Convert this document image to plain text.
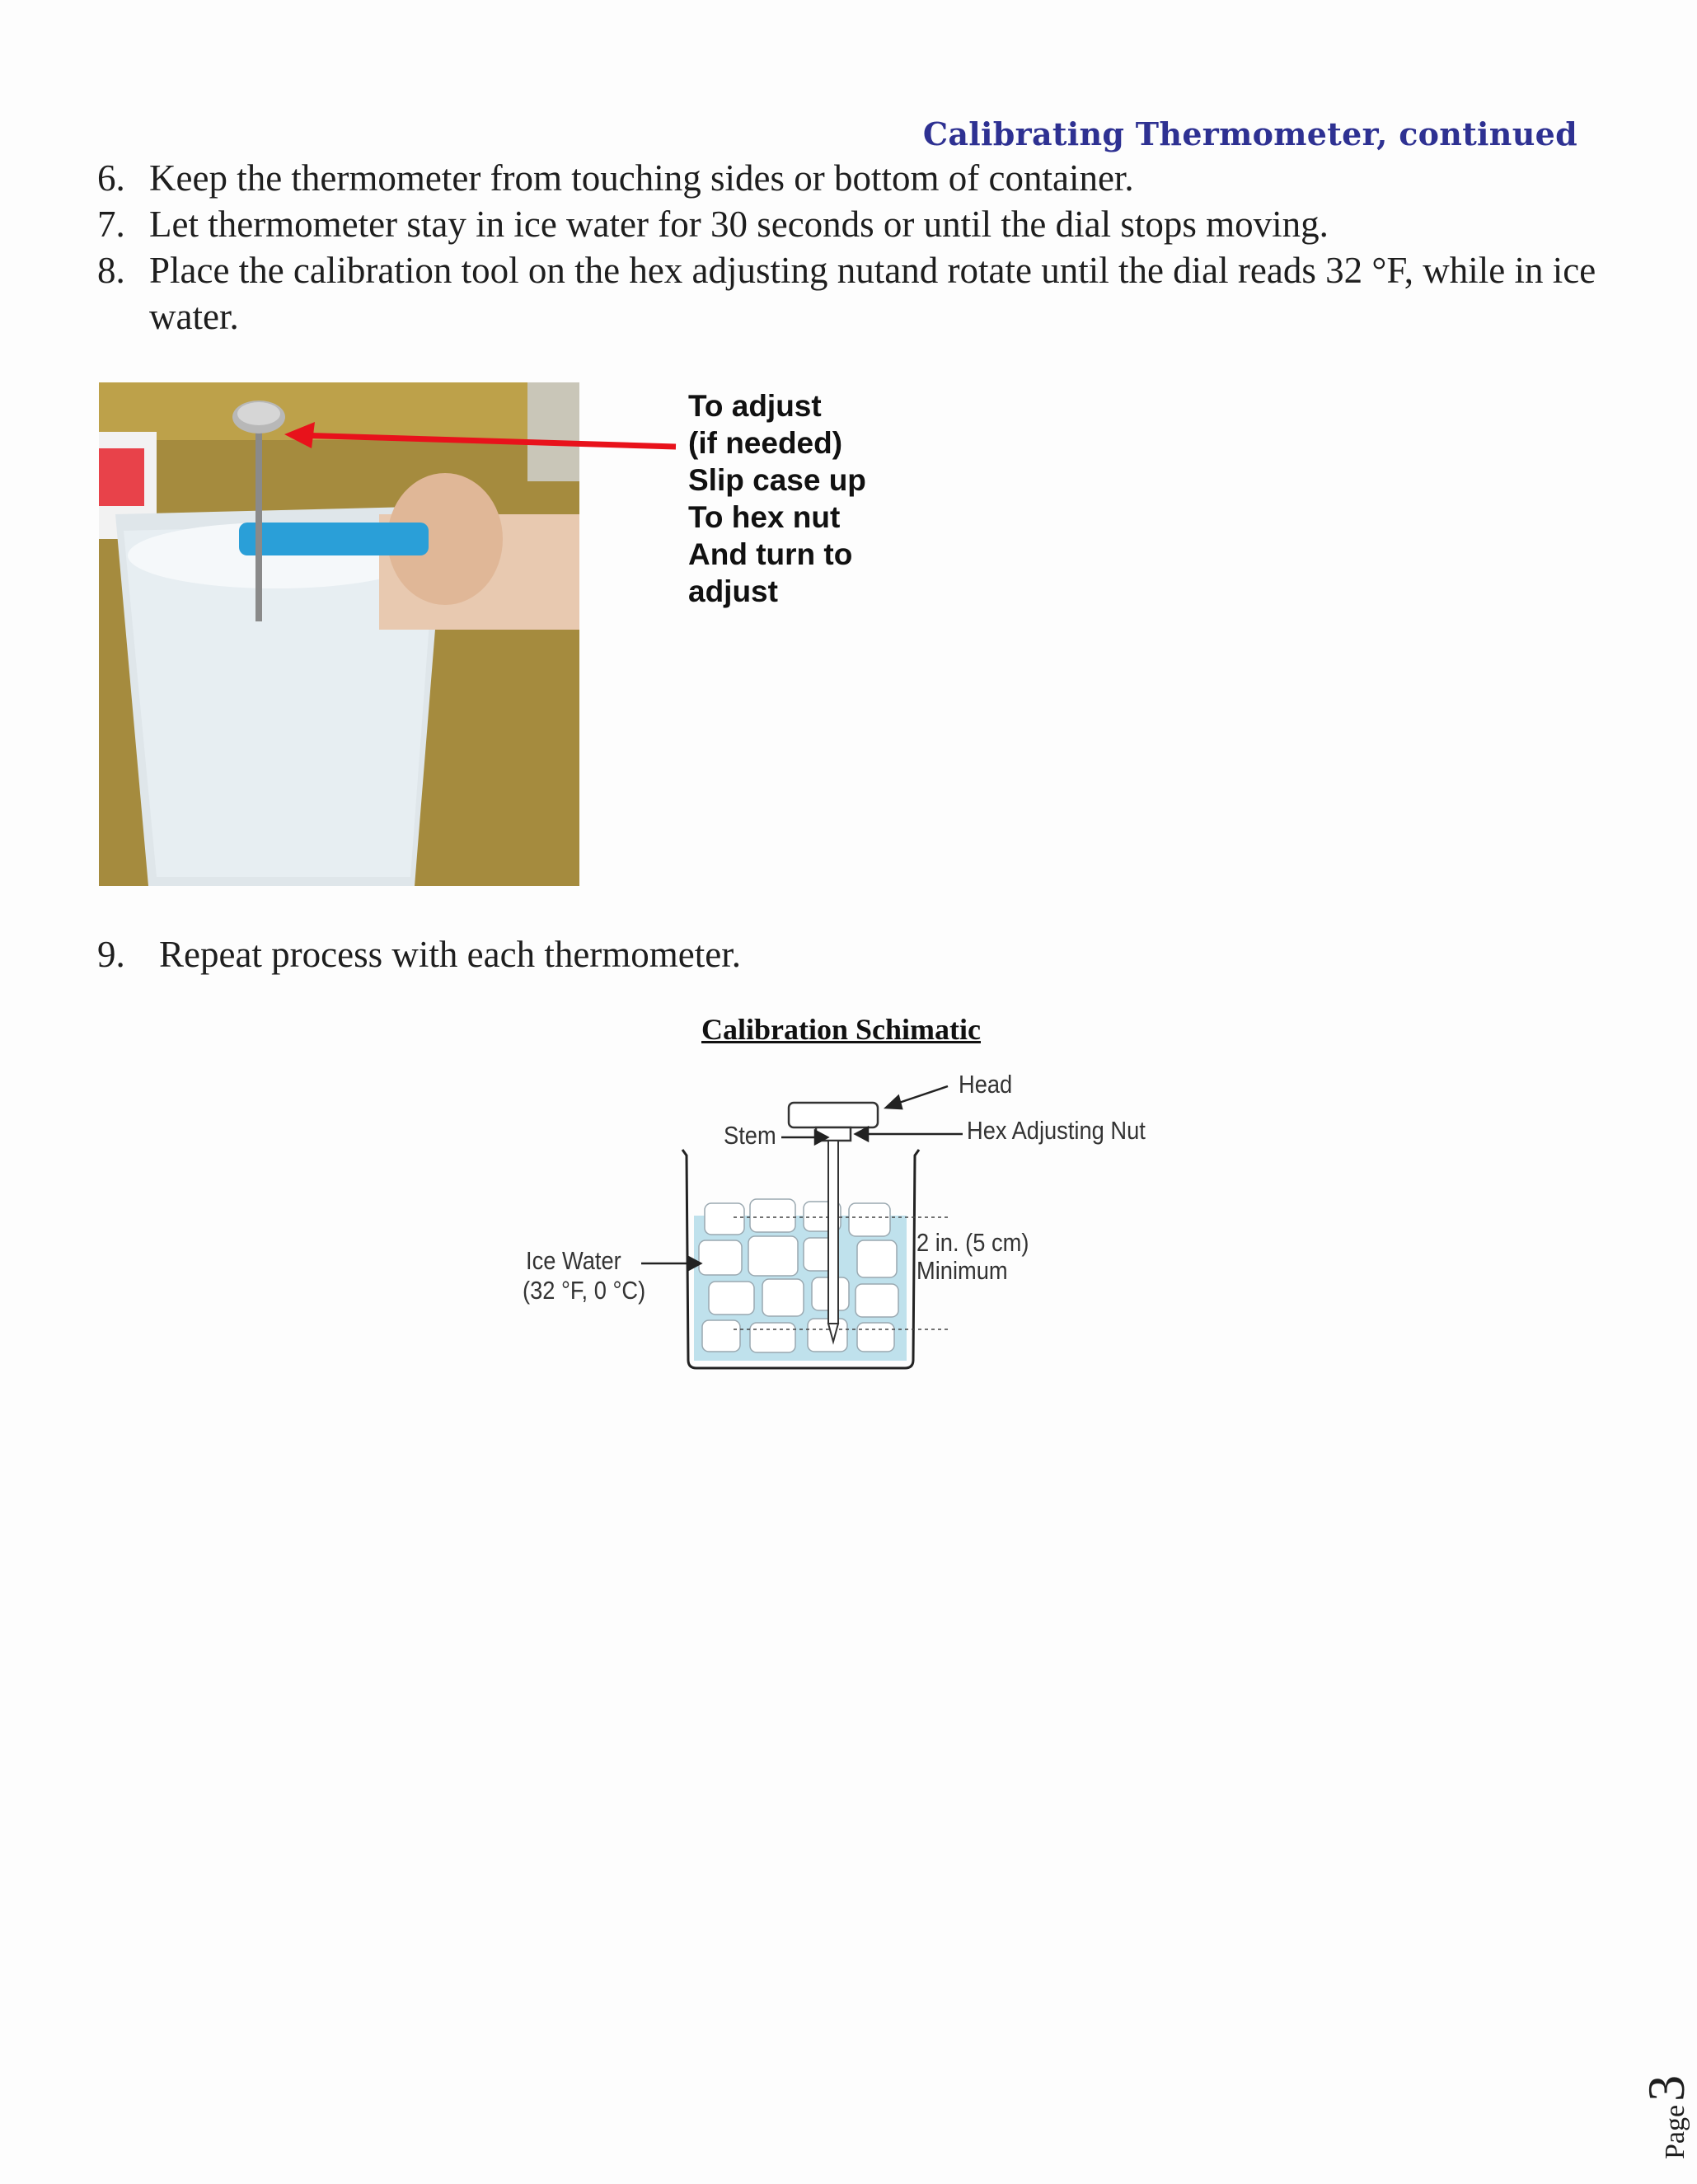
Calibrating Thermometer, continued
6. Keep the thermometer from touching sides or bottom of container.
7. Let thermometer stay in ice water for 30 seconds or until the dial stops moving.
8. Place the calibration tool on the hex adjusting nutand rotate until the dial reads 32 °F, while in ice water.
To adjust
(if needed)
Slip case up
To hex nut
And turn to
adjust
9. Repeat process with each thermometer.
Calibration Schimatic
Head
Hex Adjusting Nut
Stem
Ice Water
(32 °F, 0 °C)
2 in. (5 cm)
Minimum
Page
3
